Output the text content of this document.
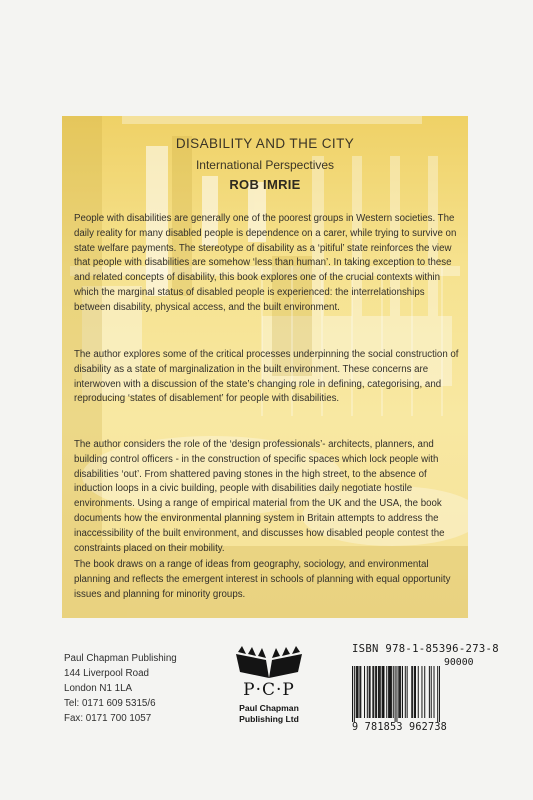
DISABILITY AND THE CITY
International Perspectives
ROB IMRIE

People with disabilities are generally one of the poorest groups in Western societies. The daily reality for many disabled people is dependence on a carer, while trying to survive on state welfare payments. The stereotype of disability as a ‘pitiful’ state reinforces the view that people with disabilities are somehow ‘less than human’. In taking exception to these and related concepts of disability, this book explores one of the crucial contexts within which the marginal status of disabled people is experienced: the interrelationships between disability, physical access, and the built environment.

The author explores some of the critical processes underpinning the social construction of disability as a state of marginalization in the built environment. These concerns are interwoven with a discussion of the state’s changing role in defining, categorising, and reproducing ‘states of disablement’ for people with disabilities.

The author considers the role of the ‘design professionals’- architects, planners, and building control officers - in the construction of specific spaces which lock people with disabilities ‘out’. From shattered paving stones in the high street, to the absence of induction loops in a civic building, people with disabilities daily negotiate hostile environments. Using a range of empirical material from the UK and the USA, the book documents how the environmental planning system in Britain attempts to address the inaccessibility of the built environment, and discusses how disabled people contest the constraints placed on their mobility.

The book draws on a range of ideas from geography, sociology, and environmental planning and reflects the emergent interest in schools of planning with equal opportunity issues and planning for minority groups.

Paul Chapman Publishing
144 Liverpool Road
London N1 1LA
Tel: 0171 609 5315/6
Fax: 0171 700 1057
P·C·P
Paul Chapman
Publishing Ltd
ISBN 978-1-85396-273-8
90000
9 781853 962738
